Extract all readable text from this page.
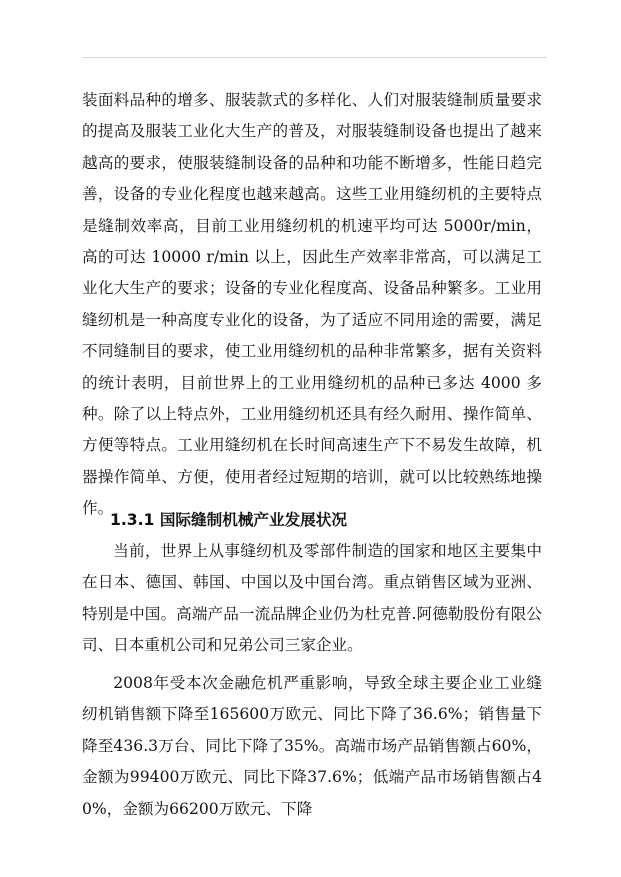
装面料品种的增多、服装款式的多样化、人们对服装缝制质量要求的提高及服装工业化大生产的普及，对服装缝制设备也提出了越来越高的要求，使服装缝制设备的品种和功能不断增多，性能日趋完善，设备的专业化程度也越来越高。这些工业用缝纫机的主要特点是缝制效率高，目前工业用缝纫机的机速平均可达 5000r/min，高的可达 10000 r/min 以上，因此生产效率非常高，可以满足工业化大生产的要求；设备的专业化程度高、设备品种繁多。工业用缝纫机是一种高度专业化的设备，为了适应不同用途的需要，满足不同缝制目的要求，使工业用缝纫机的品种非常繁多，据有关资料的统计表明，目前世界上的工业用缝纫机的品种已多达 4000 多种。除了以上特点外，工业用缝纫机还具有经久耐用、操作简单、方便等特点。工业用缝纫机在长时间高速生产下不易发生故障，机器操作简单、方便，使用者经过短期的培训，就可以比较熟练地操作。

1.3.1 国际缝制机械产业发展状况

当前，世界上从事缝纫机及零部件制造的国家和地区主要集中在日本、德国、韩国、中国以及中国台湾。重点销售区域为亚洲、特别是中国。高端产品一流品牌企业仍为杜克普.阿德勒股份有限公司、日本重机公司和兄弟公司三家企业。

2008年受本次金融危机严重影响，导致全球主要企业工业缝纫机销售额下降至165600万欧元、同比下降了36.6%；销售量下降至436.3万台、同比下降了35%。高端市场产品销售额占60%，金额为99400万欧元、同比下降37.6%；低端产品市场销售额占40%，金额为66200万欧元、下降
